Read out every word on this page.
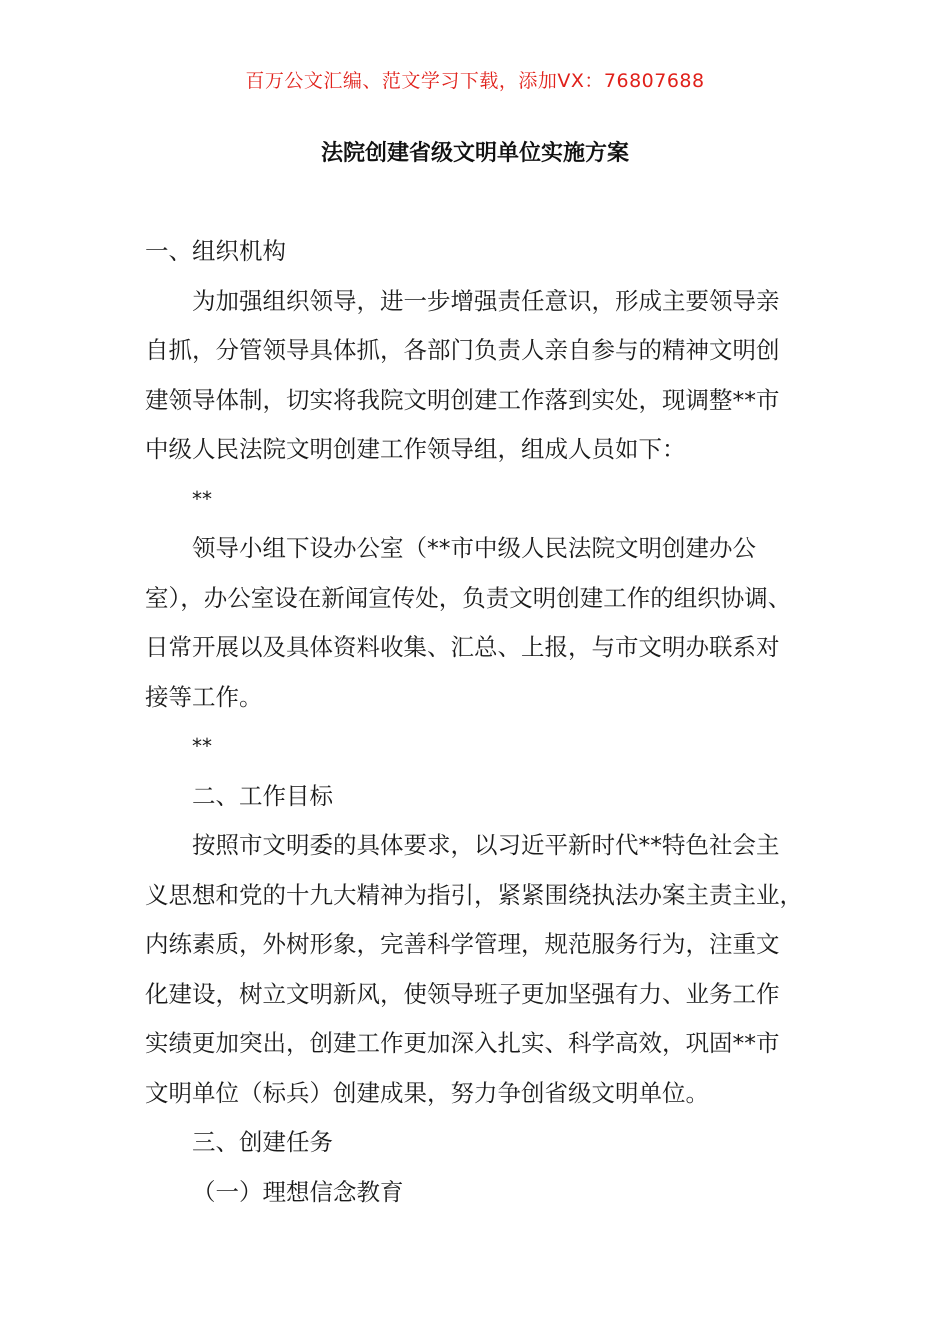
百万公文汇编、范文学习下载，添加VX：76807688
法院创建省级文明单位实施方案
一、组织机构
为加强组织领导，进一步增强责任意识，形成主要领导亲
自抓，分管领导具体抓，各部门负责人亲自参与的精神文明创
建领导体制，切实将我院文明创建工作落到实处，现调整**市
中级人民法院文明创建工作领导组，组成人员如下：
**
领导小组下设办公室（**市中级人民法院文明创建办公
室），办公室设在新闻宣传处，负责文明创建工作的组织协调、
日常开展以及具体资料收集、汇总、上报，与市文明办联系对
接等工作。
**
二、工作目标
按照市文明委的具体要求，以习近平新时代**特色社会主
义思想和党的十九大精神为指引，紧紧围绕执法办案主责主业，
内练素质，外树形象，完善科学管理，规范服务行为，注重文
化建设，树立文明新风，使领导班子更加坚强有力、业务工作
实绩更加突出，创建工作更加深入扎实、科学高效，巩固**市
文明单位（标兵）创建成果，努力争创省级文明单位。
三、创建任务
（一）理想信念教育
